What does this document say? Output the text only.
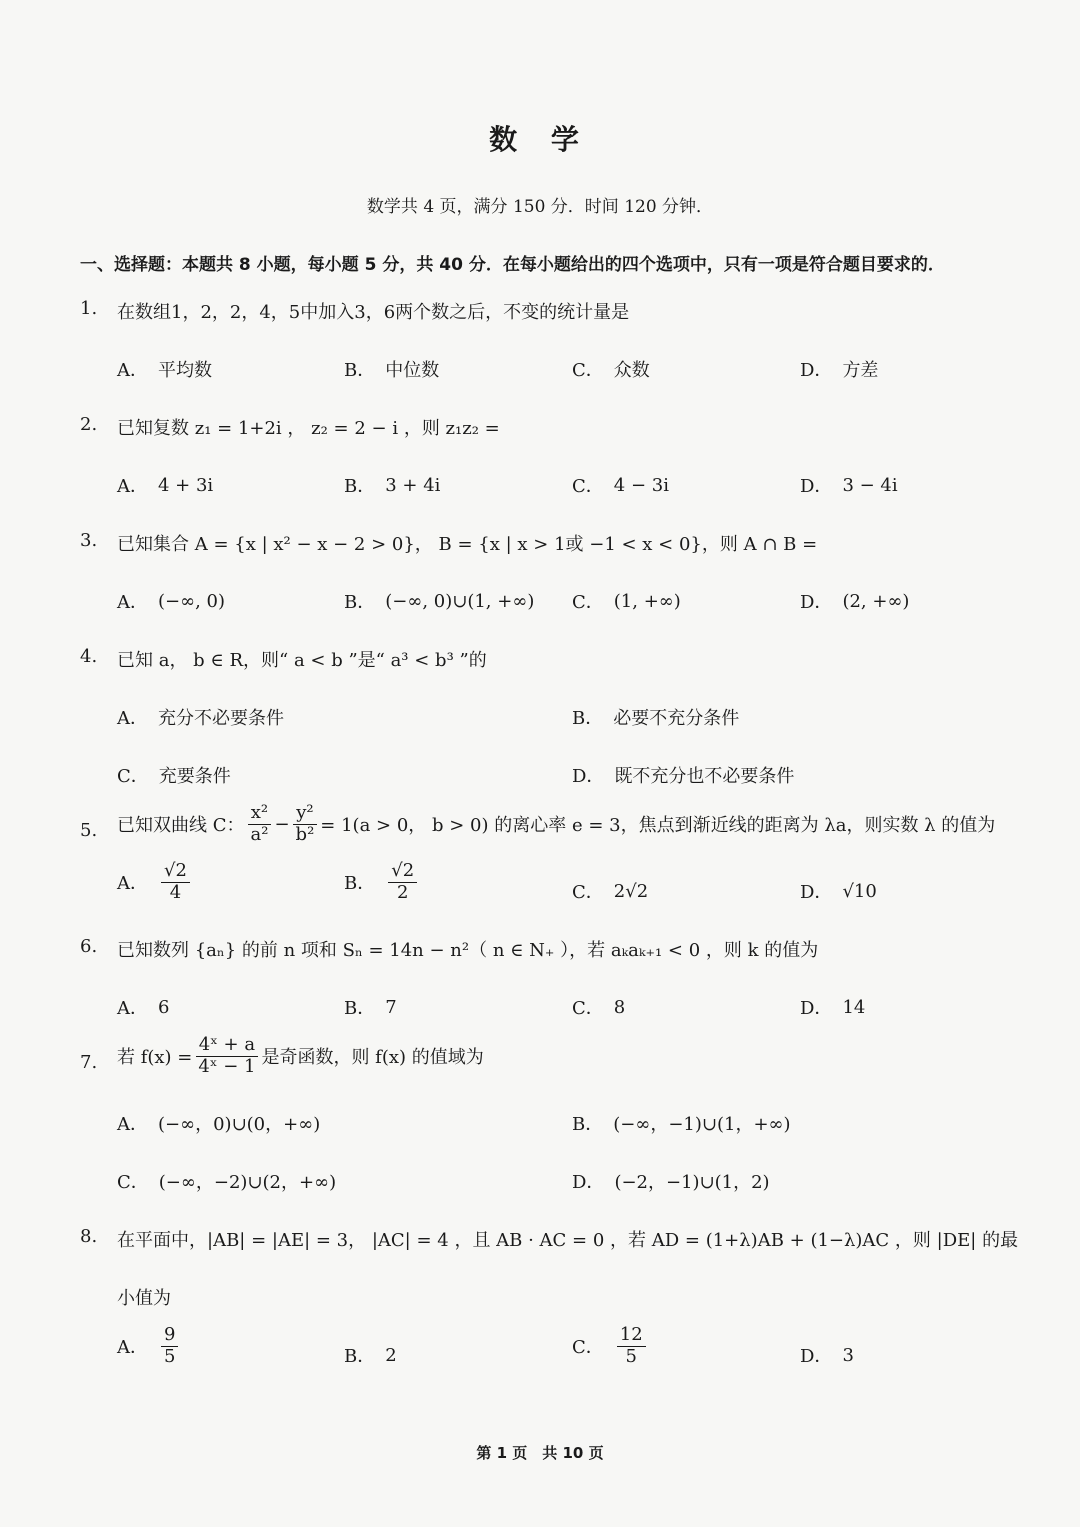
数 学
数学共 4 页，满分 150 分．时间 120 分钟．
一、选择题：本题共 8 小题，每小题 5 分，共 40 分．在每小题给出的四个选项中，只有一项是符合题目要求的．
1. 在数组1，2，2，4，5中加入3，6两个数之后，不变的统计量是
A． 平均数	B． 中位数	C． 众数	D． 方差
2. 已知复数 z₁ = 1+2i ， z₂ = 2 − i ，则 z₁z₂ =
A． 4 + 3i	B． 3 + 4i	C． 4 − 3i	D． 3 − 4i
3. 已知集合 A = {x | x² − x − 2 > 0}， B = {x | x > 1或 −1 < x < 0}，则 A ∩ B =
A． (−∞, 0)	B． (−∞, 0)∪(1, +∞) C． (1, +∞)	D． (2, +∞)
4. 已知 a， b ∈ R，则“ a < b ”是“ a³ < b³ ”的
A． 充分不必要条件	B． 必要不充分条件
C． 充要条件	D． 既不充分也不必要条件
5. 已知双曲线 C： $\frac{\text{x²}}{\text{a²}} - \frac{\text{y²}}{\text{b²}} = 1(a > 0$， b > 0) 的离心率 e = 3，焦点到渐近线的距离为 λa，则实数 λ 的值为
A． $\frac{√2}{4}$	B． $\frac{√2}{2}$	C． 2√2	D． √10
6. 已知数列 {aₙ} 的前 n 项和 Sₙ = 14n − n²（ n ∈ N₊ ），若 aₖaₖ₊₁ < 0 ，则 k 的值为
A． 6	B． 7	C． 8	D． 14
7. 若 $f(x) = \frac{\text{4ˣ + a}}{\text{4ˣ − 1}}$ 是奇函数，则 f(x) 的值域为
A． (−∞，0)∪(0，+∞)	B． (−∞，−1)∪(1，+∞)
C． (−∞，−2)∪(2，+∞)	D． (−2，−1)∪(1，2)
8. 在平面中，|AB| = |AE| = 3， |AC| = 4 ，且 AB · AC = 0 ，若 AD = (1+λ)AB + (1−λ)AC ，则 |DE| 的最
小值为
A． $\frac{9}{5}$	B． 2	C． $\frac{12}{5}$	D． 3
第 1 页　共 10 页
